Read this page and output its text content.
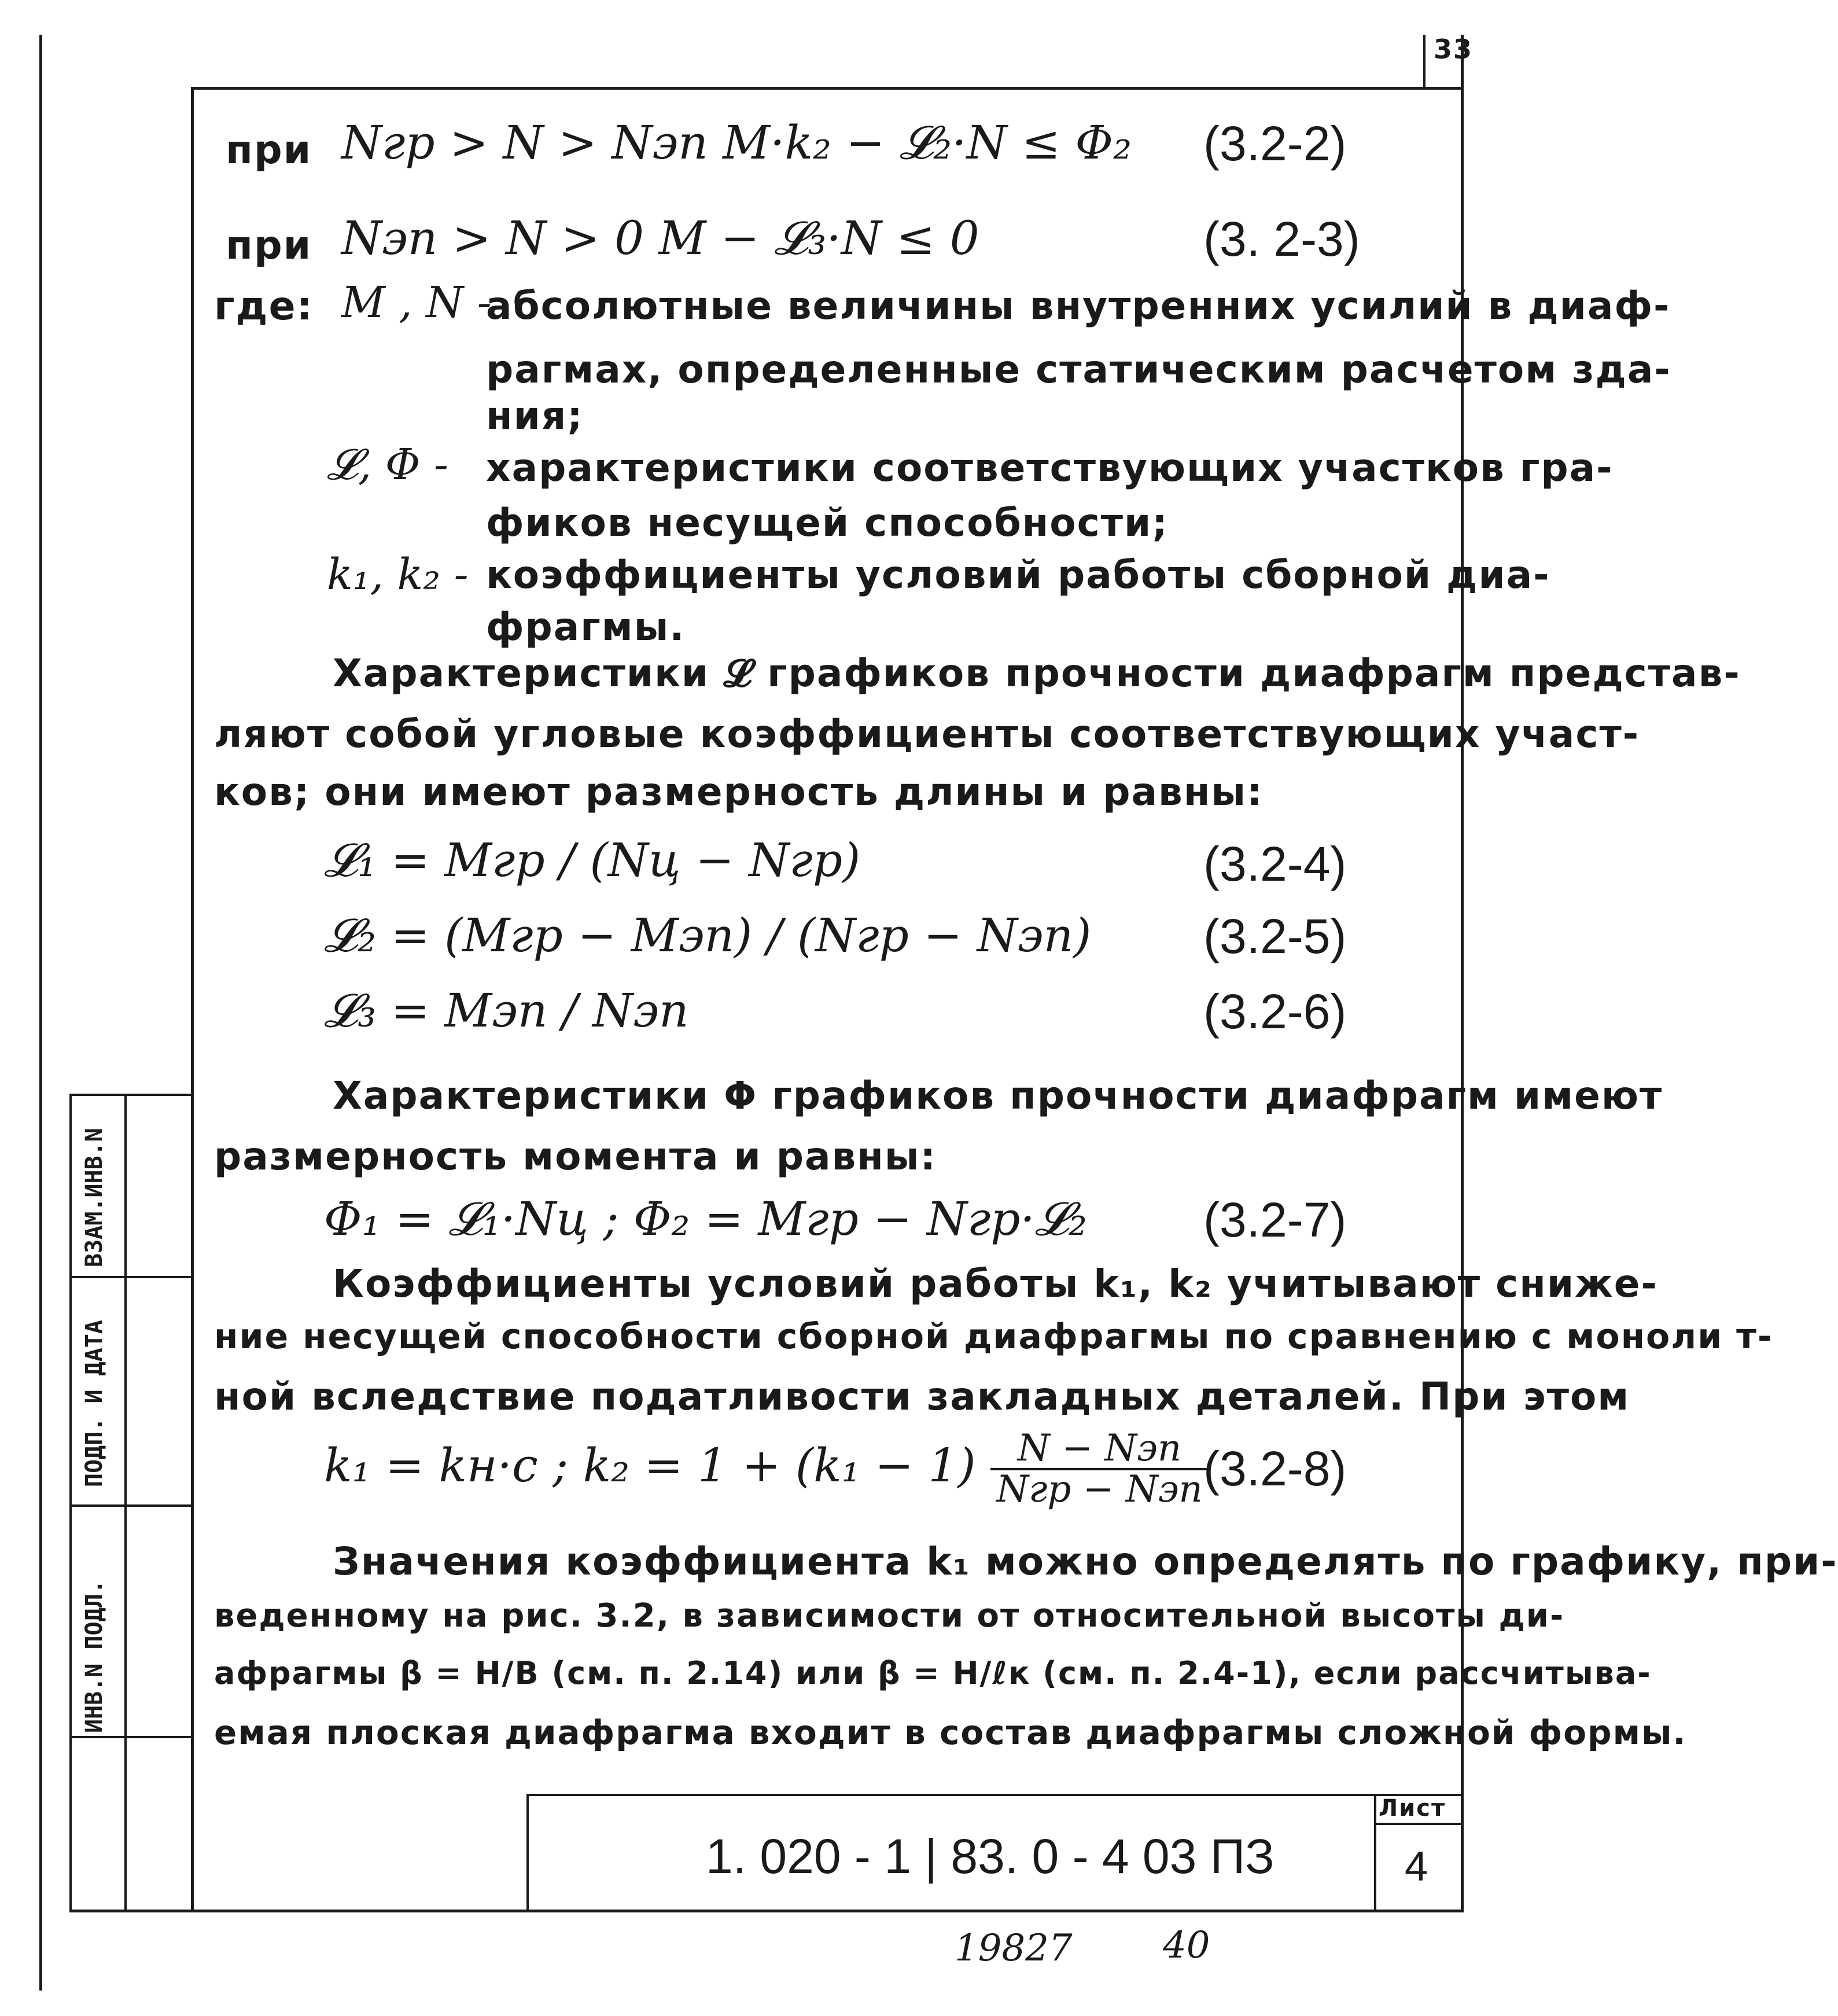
33
ВЗАМ.ИНВ.N
ПОДП. И ДАТА
ИНВ.N ПОДЛ.
1. 020 - 1 | 83. 0 - 4 03 ПЗ
Лист
4
19827 40
при Nгр > N > Nэп M·k₂ − 𝓛₂·N ≤ Φ₂ (3.2-2)
при Nэп > N > 0 M − 𝓛₃·N ≤ 0	(3. 2-3)
где: M , N -
абсолютные величины внутренних усилий в диаф-
рагмах, определенные статическим расчетом зда-
ния;
𝓛, Φ - характеристики соответствующих участков гра-
фиков несущей способности;
k₁, k₂ - коэффициенты условий работы сборной диа-
фрагмы.
Характеристики 𝓛 графиков прочности диафрагм представ-
ляют собой угловые коэффициенты соответствующих участ-
ков; они имеют размерность длины и равны:
𝓛₁ = Mгр / (Nц − Nгр)	(3.2-4)
𝓛₂ = (Mгр − Mэп) / (Nгр − Nэп) (3.2-5)
𝓛₃ = Mэп / Nэп	(3.2-6)
Характеристики Φ графиков прочности диафрагм имеют
размерность момента и равны:
Φ₁ = 𝓛₁·Nц ; Φ₂ = Mгр − Nгр·𝓛₂ (3.2-7)
Коэффициенты условий работы k₁, k₂ учитывают сниже-
ние несущей способности сборной диафрагмы по сравнению с моноли т-
ной вследствие податливости закладных деталей. При этом
k₁ = kн·с ; $k_2 = 1 + (k_1 - 1) \frac{\text{N − Nэп}}{\text{Nгр − Nэп}}$
(3.2-8)
Значения коэффициента k₁ можно определять по графику, при-
веденному на рис. 3.2, в зависимости от относительной высоты ди-
афрагмы β = H/B (см. п. 2.14) или β = H/ℓк (см. п. 2.4-1), если рассчитыва-
емая плоская диафрагма входит в состав диафрагмы сложной формы.
